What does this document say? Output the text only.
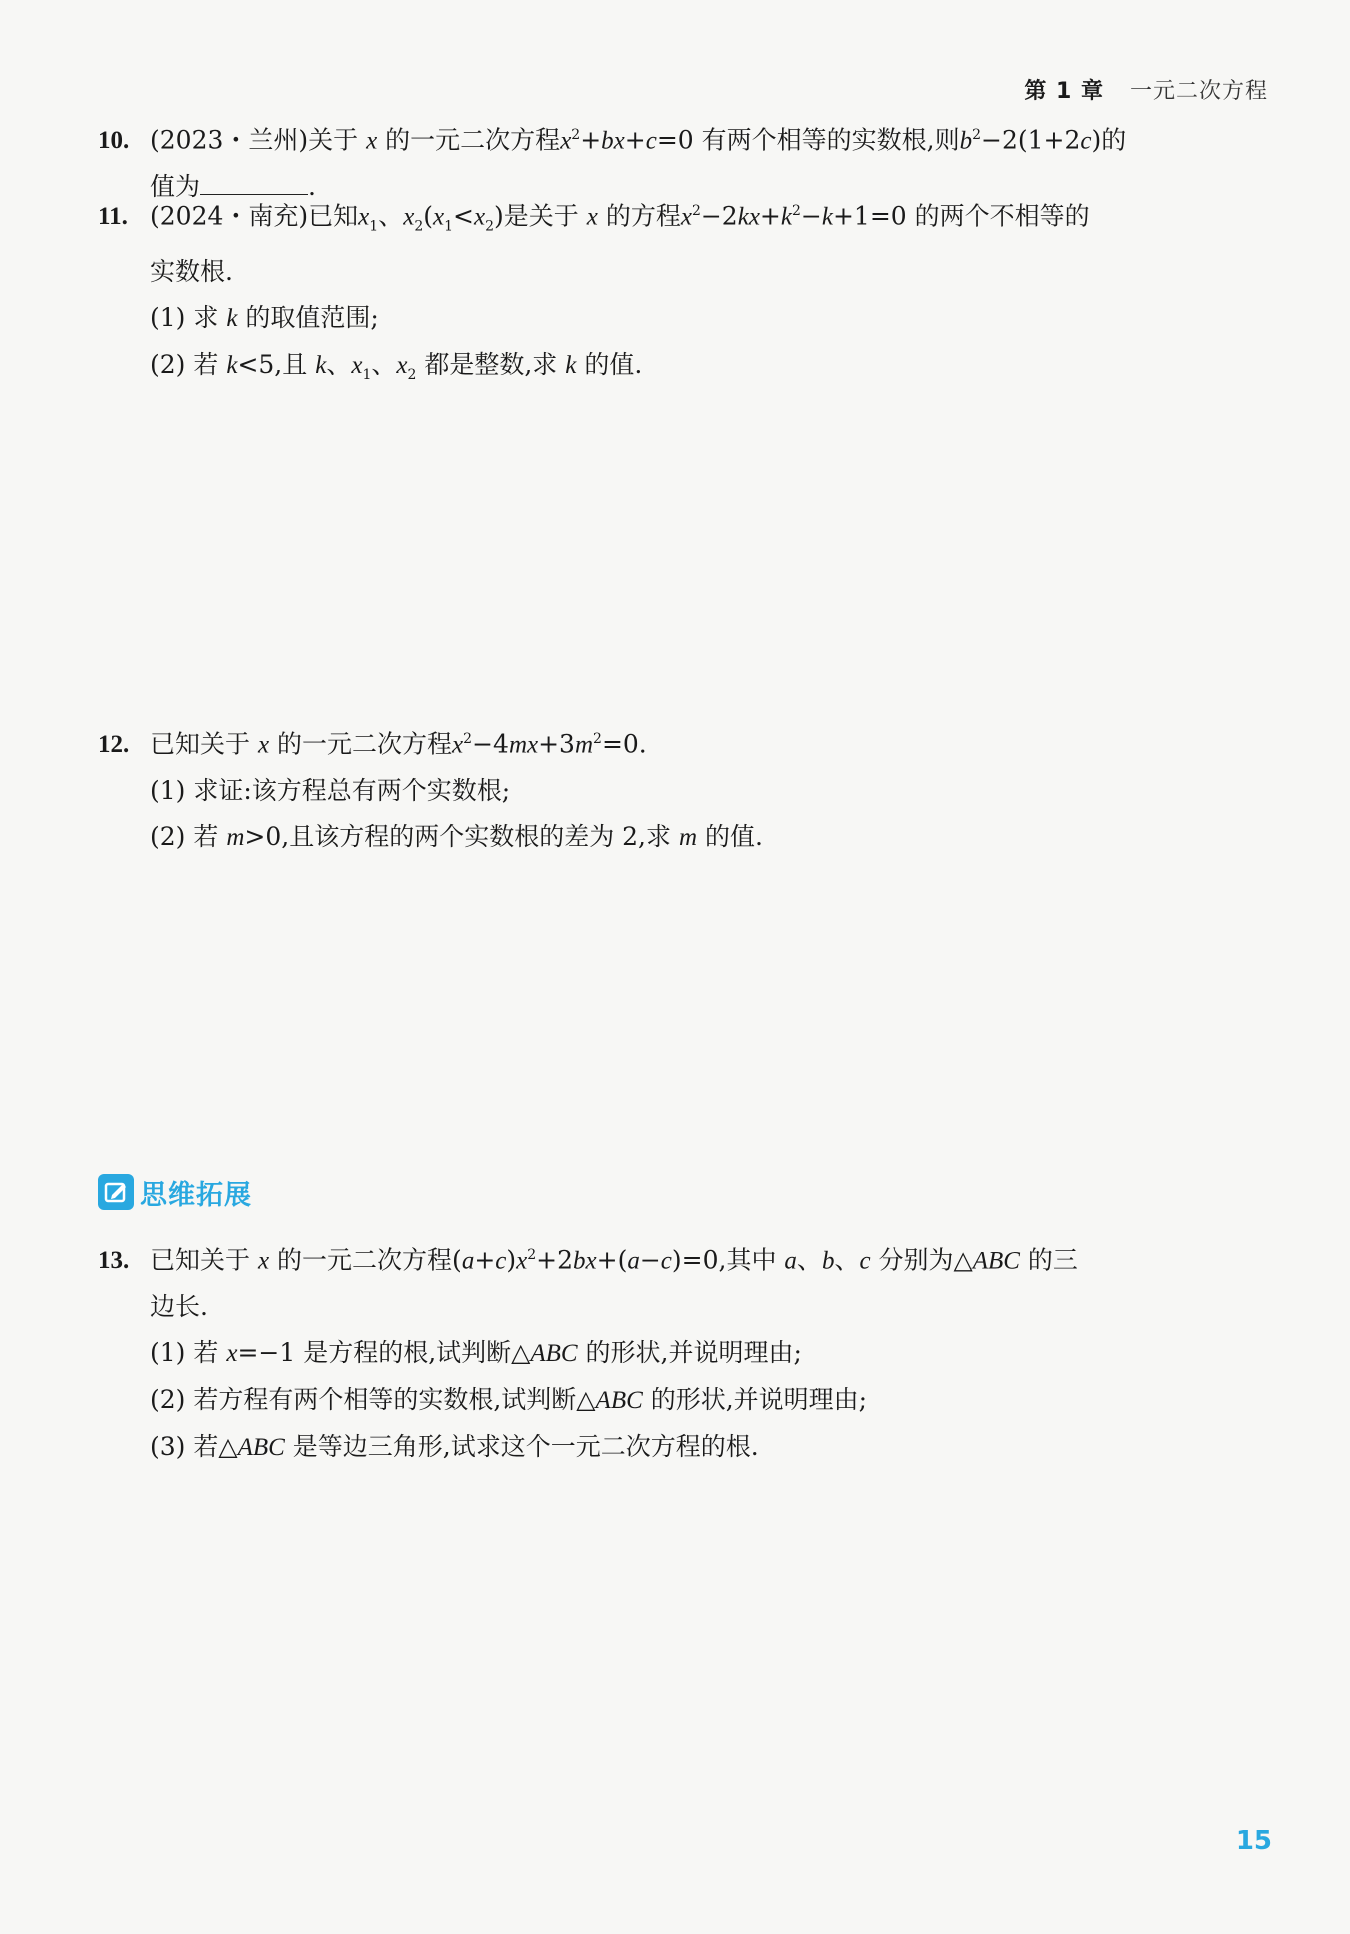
第 1 章 一元二次方程
10. (2023・兰州)关于 x 的一元二次方程$x^2+bx+c=0$ 有两个相等的实数根,则$b^2-2(1+2c)$的
值为	.
11. (2024・南充)已知$x_1$、$x_2(x_1<x_2)$是关于 x 的方程$x^2-2kx+k^2-k+1=0$ 的两个不相等的
实数根.
(1) 求 k 的取值范围;
(2) 若 k<5,且 k、$x_1$、$x_2$ 都是整数,求 k 的值.
12. 已知关于 x 的一元二次方程$x^2-4mx+3m^2=0$.
(1) 求证:该方程总有两个实数根;
(2) 若 m>0,且该方程的两个实数根的差为 2,求 m 的值.
思维拓展
13. 已知关于 x 的一元二次方程$(a+c)x^2+2bx+(a-c)=0$,其中 a、b、c 分别为△ABC 的三
边长.
(1) 若 x=−1 是方程的根,试判断△ABC 的形状,并说明理由;
(2) 若方程有两个相等的实数根,试判断△ABC 的形状,并说明理由;
(3) 若△ABC 是等边三角形,试求这个一元二次方程的根.
15
